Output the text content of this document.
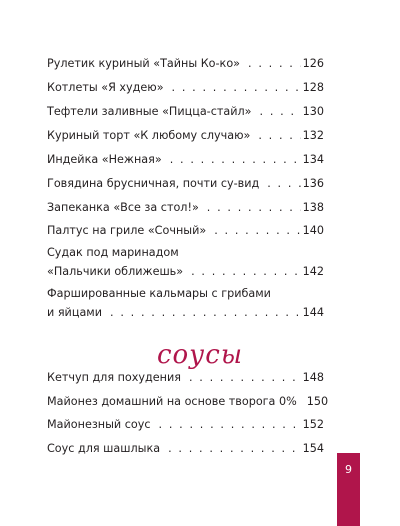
Рулетик куриный «Тайны Ко-ко» . . .	126
Котлеты «Я худею» . . .	128
Тефтели заливные «Пицца-стайл» . . .	130
Куриный торт «К любому случаю» . . .	132
Индейка «Нежная» . . .	134
Говядина брусничная, почти су-вид . . .	136
Запеканка «Все за стол!» . . .	138
Палтус на гриле «Сочный» . . .	140
Судак под маринадом
«Пальчики оближешь» . . .	142
Фаршированные кальмары с грибами
и яйцами . . .	144
соусы
Кетчуп для похудения . . .	148
Майонез домашний на основе творога 0% 150
Майонезный соус . . .	152
Соус для шашлыка . . .	154
9
